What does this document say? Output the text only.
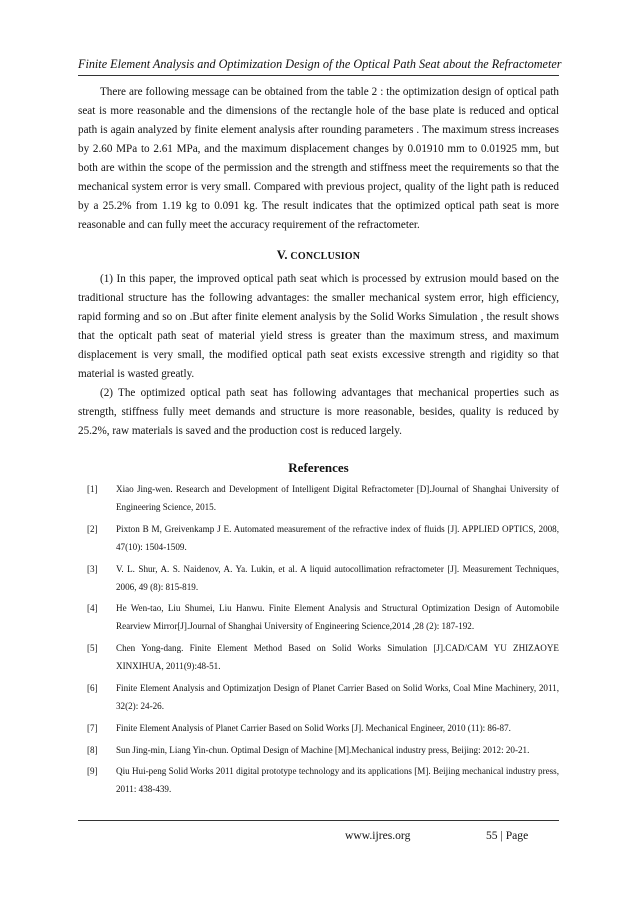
Finite Element Analysis and Optimization Design of the Optical Path Seat about the Refractometer

There are following message can be obtained from the table 2 : the optimization design of optical path seat is more reasonable and the dimensions of the rectangle hole of the base plate is reduced and optical path is again analyzed by finite element analysis after rounding parameters . The maximum stress increases by 2.60 MPa to 2.61 MPa, and the maximum displacement changes by 0.01910 mm to 0.01925 mm, but both are within the scope of the permission and the strength and stiffness meet the requirements so that the mechanical system error is very small. Compared with previous project, quality of the light path is reduced by a 25.2% from 1.19 kg to 0.091 kg. The result indicates that the optimized optical path seat is more reasonable and can fully meet the accuracy requirement of the refractometer.

V. CONCLUSION

(1) In this paper, the improved optical path seat which is processed by extrusion mould based on the traditional structure has the following advantages: the smaller mechanical system error, high efficiency, rapid forming and so on .But after finite element analysis by the Solid Works Simulation , the result shows that the opticalt path seat of material yield stress is greater than the maximum stress, and maximum displacement is very small, the modified optical path seat exists excessive strength and rigidity so that material is wasted greatly.

(2) The optimized optical path seat has following advantages that mechanical properties such as strength, stiffness fully meet demands and structure is more reasonable, besides, quality is reduced by 25.2%, raw materials is saved and the production cost is reduced largely.

References
[1]	Xiao Jing-wen. Research and Development of Intelligent Digital Refractometer [D].Journal of Shanghai University of Engineering Science, 2015.
[2]	Pixton B M, Greivenkamp J E. Automated measurement of the refractive index of fluids [J]. APPLIED OPTICS, 2008, 47(10): 1504-1509.
[3]	V. L. Shur, A. S. Naidenov, A. Ya. Lukin, et al. A liquid autocollimation refractometer [J]. Measurement Techniques, 2006, 49 (8): 815-819.
[4]	He Wen-tao, Liu Shumei, Liu Hanwu. Finite Element Analysis and Structural Optimization Design of Automobile Rearview Mirror[J].Journal of Shanghai University of Engineering Science,2014 ,28 (2): 187-192.
[5]	Chen Yong-dang. Finite Element Method Based on Solid Works Simulation [J].CAD/CAM YU ZHIZAOYE XINXIHUA, 2011(9):48-51.
[6]	Finite Element Analysis and Optimizatjon Design of Planet Carrier Based on Solid Works, Coal Mine Machinery, 2011, 32(2): 24-26.
[7]	Finite Element Analysis of Planet Carrier Based on Solid Works [J]. Mechanical Engineer, 2010 (11): 86-87.
[8]	Sun Jing-min, Liang Yin-chun. Optimal Design of Machine [M].Mechanical industry press, Beijing: 2012: 20-21.
[9]	Qiu Hui-peng Solid Works 2011 digital prototype technology and its applications [M]. Beijing mechanical industry press, 2011: 438-439.
www.ijres.org	55 | Page
